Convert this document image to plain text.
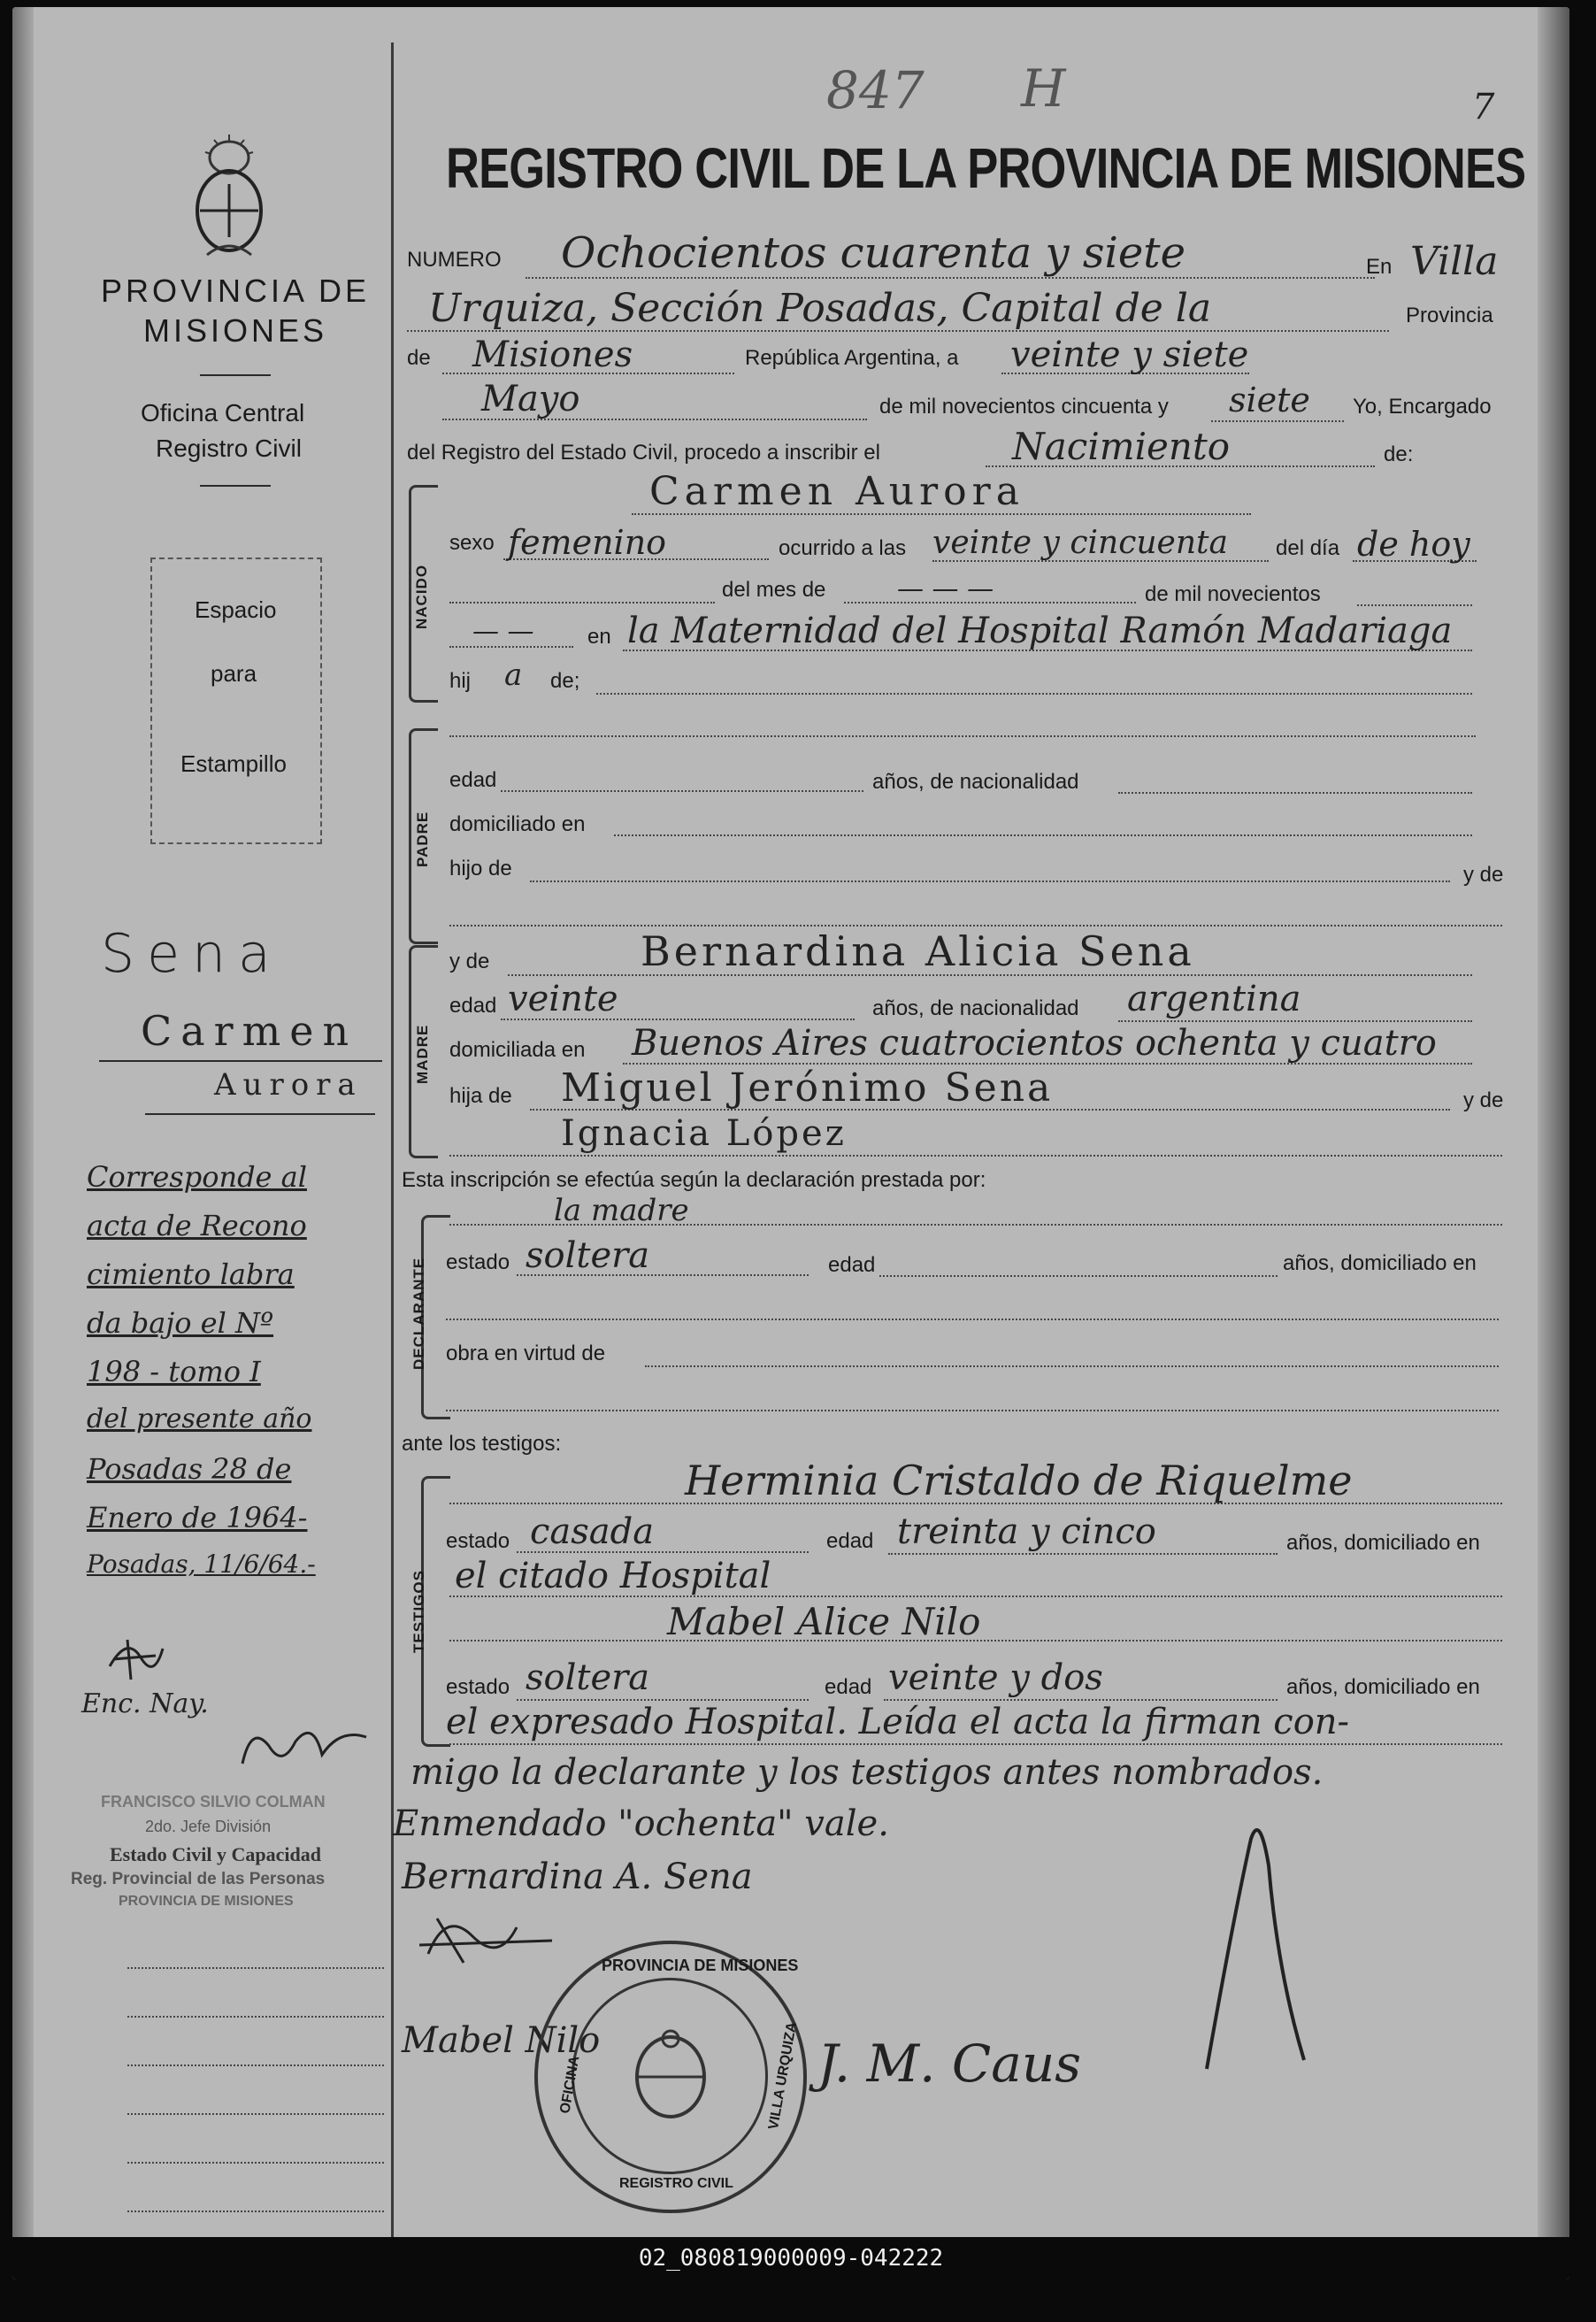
847 H	7
REGISTRO CIVIL DE LA PROVINCIA DE MISIONES
PROVINCIA DE
MISIONES
Oficina Central
Registro Civil
Espacio
para
Estampillo
Sena
Carmen
Aurora
Corresponde al
acta de Recono
cimiento labra
da bajo el Nº
198 - tomo I
del presente año
Posadas 28 de
Enero de 1964-
Posadas, 11/6/64.-
Enc. Nay.
FRANCISCO SILVIO COLMAN
2do. Jefe División
Estado Civil y Capacidad
Reg. Provincial de las Personas
PROVINCIA DE MISIONES
NUMERO Ochocientos cuarenta y siete	En Villa
Urquiza, Sección Posadas, Capital de la	Provincia
de Misiones	República Argentina, a veinte y siete
Mayo	de mil novecientos cincuenta y siete Yo, Encargado
del Registro del Estado Civil, procedo a inscribir el	Nacimiento	de:
NACIDO
Carmen Aurora
sexo femenino	ocurrido a las veinte y cincuenta del día de hoy
del mes de	— — —	de mil novecientos
— —	en la Maternidad del Hospital Ramón Madariaga
hij a de;
PADRE
edad	años, de nacionalidad
domiciliado en
hijo de	y de
MADRE
y de	Bernardina Alicia Sena
edad veinte	años, de nacionalidad argentina
domiciliada en Buenos Aires cuatrocientos ochenta y cuatro
hija de Miguel Jerónimo Sena	y de
Ignacia López
Esta inscripción se efectúa según la declaración prestada por:
la madre
DECLARANTE estado soltera	edad	años, domiciliado en
obra en virtud de
ante los testigos:
TESTIGOS
Herminia Cristaldo de Riquelme
estado casada	edad treinta y cinco	años, domiciliado en
el citado Hospital
Mabel Alice Nilo
estado soltera	edad veinte y dos	años, domiciliado en
el expresado Hospital. Leída el acta la firman con-
migo la declarante y los testigos antes nombrados.
Enmendado "ochenta" vale.
Bernardina A. Sena
Mabel Nilo	J. M. Caus
PROVINCIA DE MISIONES
OFICINA
REGISTRO CIVIL
VILLA URQUIZA
02_080819000009-042222
